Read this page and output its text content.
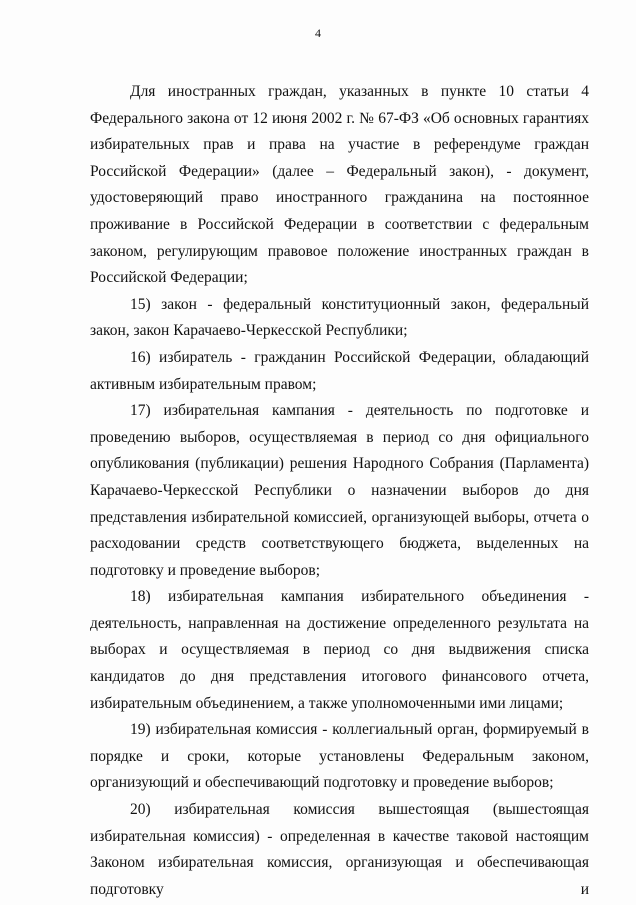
4

Для иностранных граждан, указанных в пункте 10 статьи 4 Федерального закона от 12 июня 2002 г. № 67-ФЗ «Об основных гарантиях избирательных прав и права на участие в референдуме граждан Российской Федерации» (далее – Федеральный закон), - документ, удостоверяющий право иностранного гражданина на постоянное проживание в Российской Федерации в соответствии с федеральным законом, регулирующим правовое положение иностранных граждан в Российской Федерации;

15) закон - федеральный конституционный закон, федеральный закон, закон Карачаево-Черкесской Республики;

16) избиратель - гражданин Российской Федерации, обладающий активным избирательным правом;

17) избирательная кампания - деятельность по подготовке и проведению выборов, осуществляемая в период со дня официального опубликования (публикации) решения Народного Собрания (Парламента) Карачаево-Черкесской Республики о назначении выборов до дня представления избирательной комиссией, организующей выборы, отчета о расходовании средств соответствующего бюджета, выделенных на подготовку и проведение выборов;

18) избирательная кампания избирательного объединения - деятельность, направленная на достижение определенного результата на выборах и осуществляемая в период со дня выдвижения списка кандидатов до дня представления итогового финансового отчета, избирательным объединением, а также уполномоченными ими лицами;

19) избирательная комиссия - коллегиальный орган, формируемый в порядке и сроки, которые установлены Федеральным законом, организующий и обеспечивающий подготовку и проведение выборов;

20) избирательная комиссия вышестоящая (вышестоящая избирательная комиссия) - определенная в качестве таковой настоящим Законом избирательная комиссия, организующая и обеспечивающая подготовку и
